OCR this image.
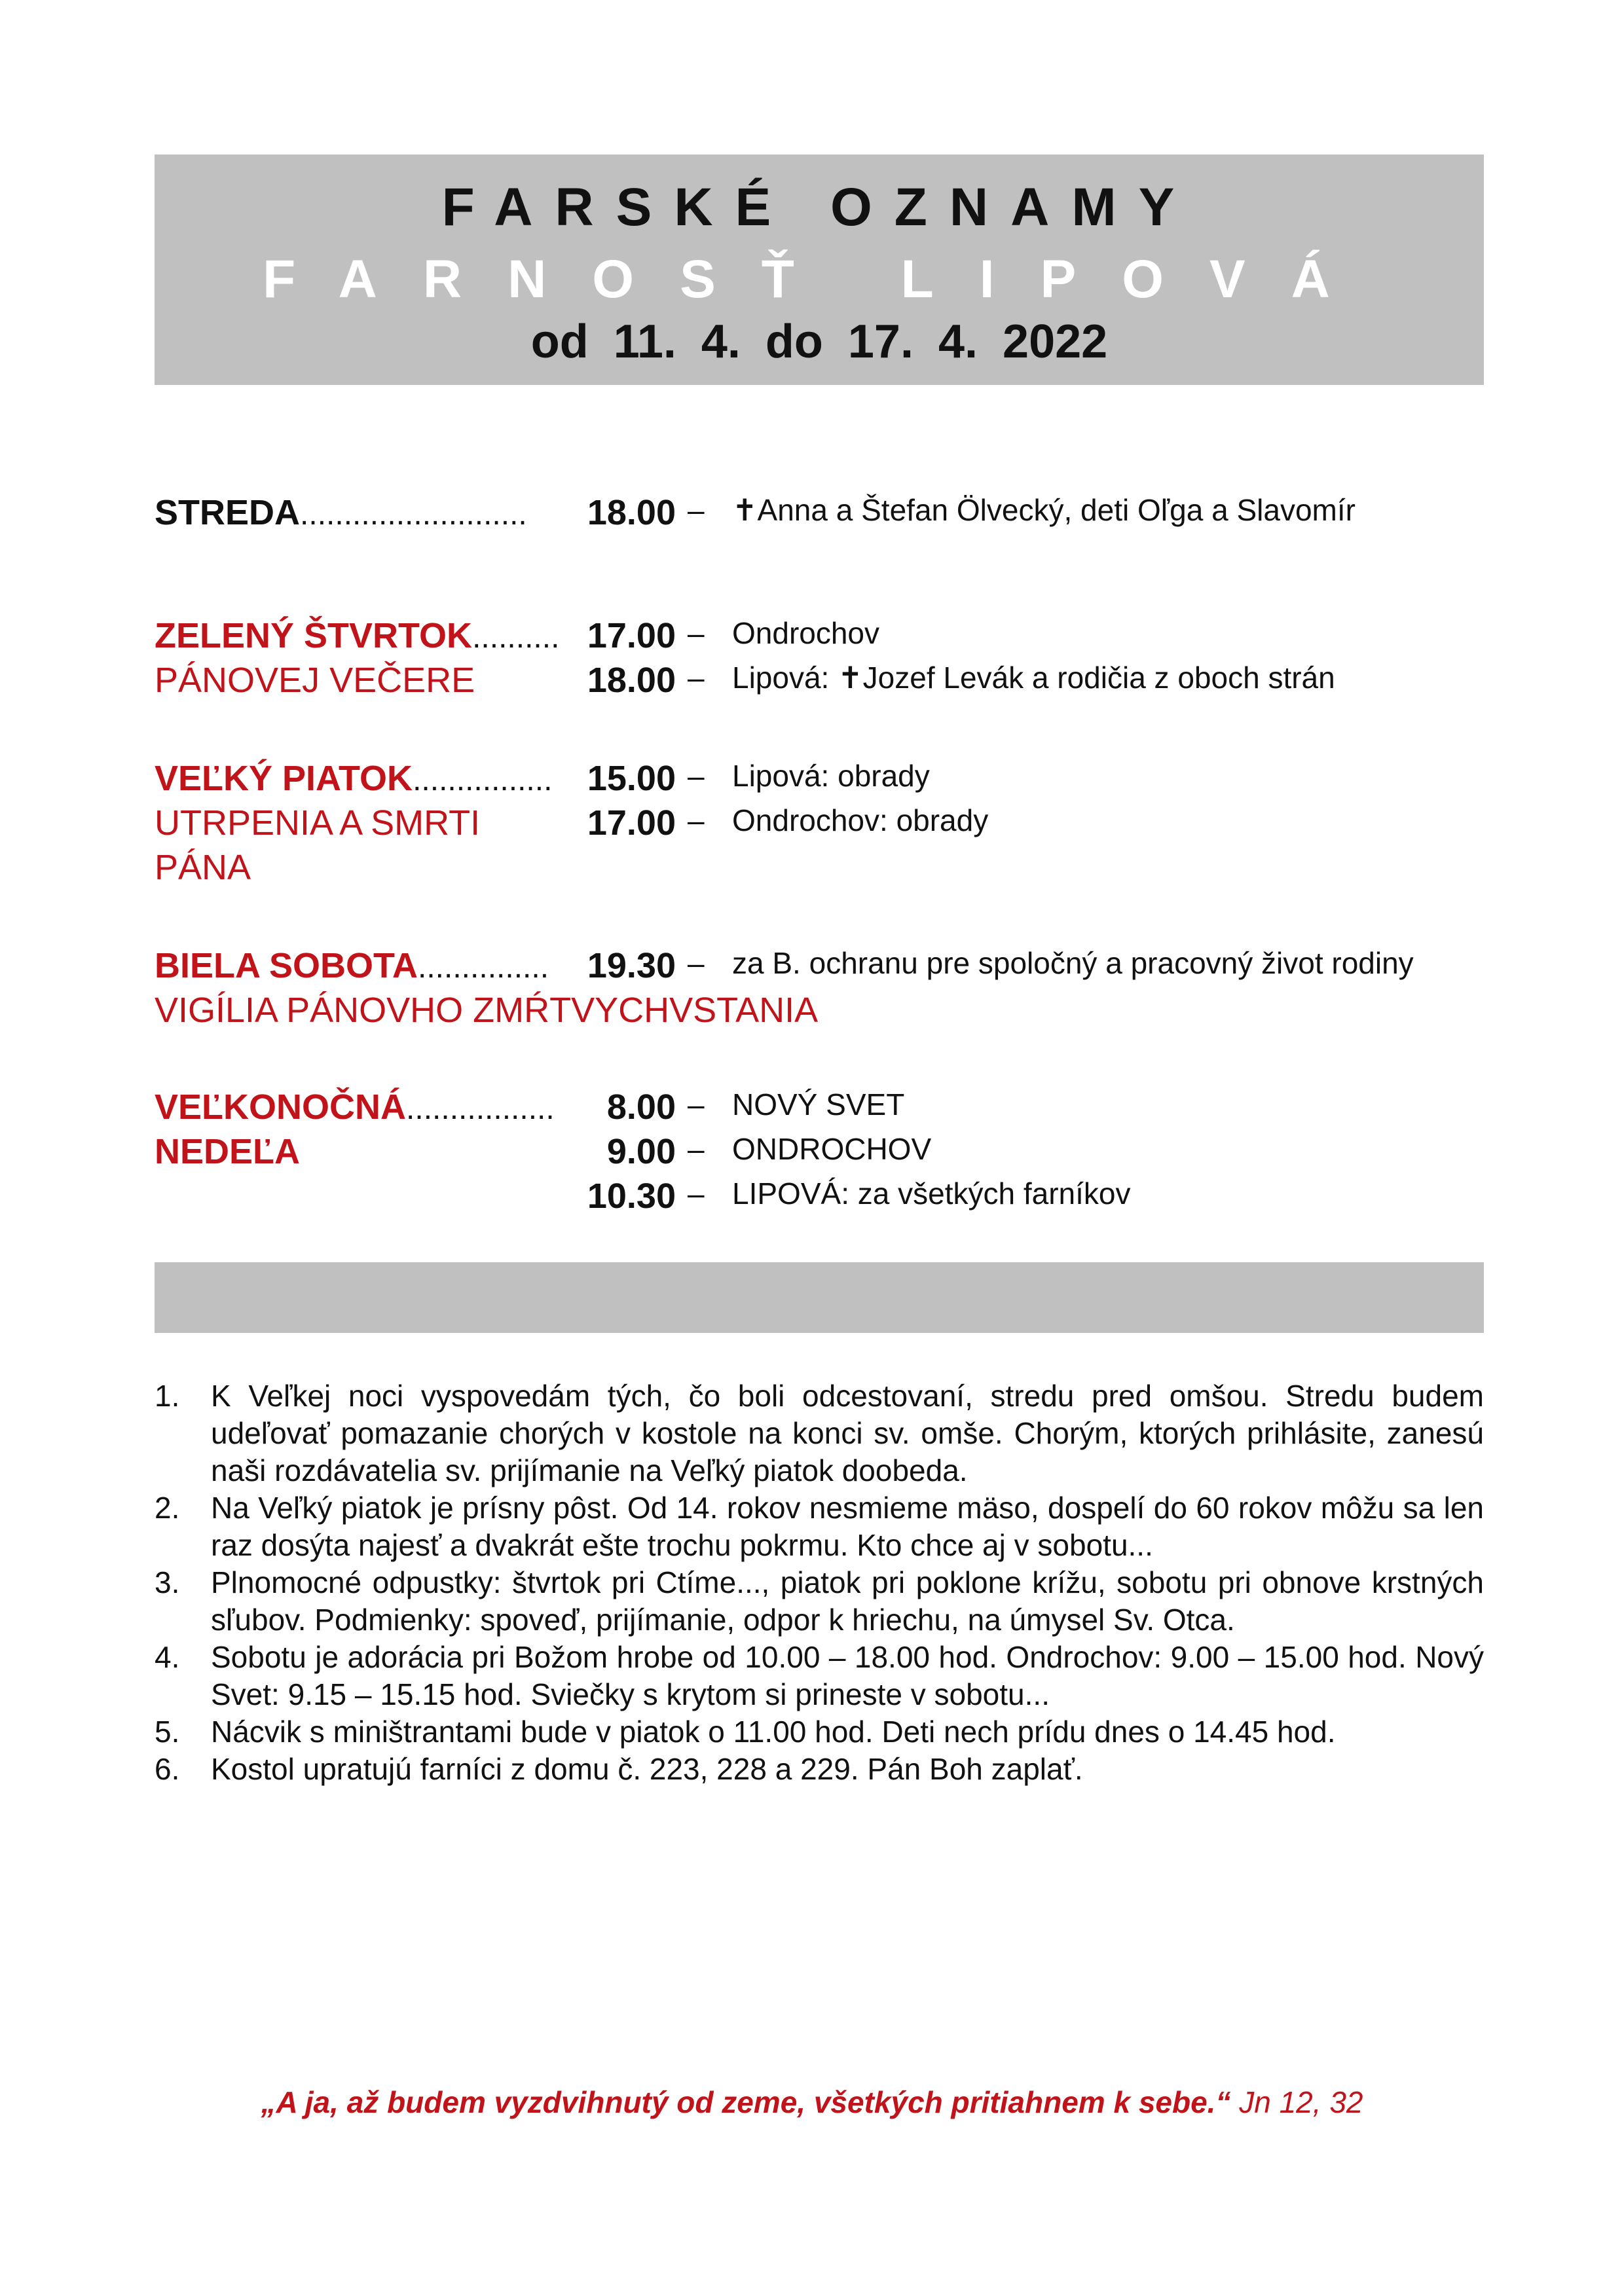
FARSKÉ OZNAMY
FARNOSŤ LIPOVÁ
od 11. 4. do 17. 4. 2022
STREDA..........................	18.00 – ✝Anna a Štefan Ölvecký, deti Oľga a Slavomír
ZELENÝ ŠTVRTOK.......... 17.00 – Ondrochov
PÁNOVEJ VEČERE	18.00 – Lipová: ✝Jozef Levák a rodičia z oboch strán
VEĽKÝ PIATOK................ 15.00 – Lipová: obrady
UTRPENIA A SMRTI	17.00 – Ondrochov: obrady
PÁNA
BIELA SOBOTA...............	19.30 – za B. ochranu pre spoločný a pracovný život rodiny
VIGÍLIA PÁNOVHO ZMŔTVYCHVSTANIA
VEĽKONOČNÁ.................	8.00 – NOVÝ SVET
NEDEĽA	9.00 – ONDROCHOV
10.30 – LIPOVÁ: za všetkých farníkov
1. K Veľkej noci vyspovedám tých, čo boli odcestovaní, stredu pred omšou. Stredu budem udeľovať pomazanie chorých v kostole na konci sv. omše. Chorým, ktorých prihlásite, zanesú naši rozdávatelia sv. prijímanie na Veľký piatok doobeda.
2. Na Veľký piatok je prísny pôst. Od 14. rokov nesmieme mäso, dospelí do 60 rokov môžu sa len raz dosýta najesť a dvakrát ešte trochu pokrmu. Kto chce aj v sobotu...
3. Plnomocné odpustky: štvrtok pri Ctíme..., piatok pri poklone krížu, sobotu pri obnove krstných sľubov. Podmienky: spoveď, prijímanie, odpor k hriechu, na úmysel Sv. Otca.
4. Sobotu je adorácia pri Božom hrobe od 10.00 – 18.00 hod. Ondrochov: 9.00 – 15.00 hod. Nový Svet: 9.15 – 15.15 hod. Sviečky s krytom si prineste v sobotu...
5. Nácvik s miništrantami bude v piatok o 11.00 hod. Deti nech prídu dnes o 14.45 hod.
6. Kostol upratujú farníci z domu č. 223, 228 a 229. Pán Boh zaplať.
„A ja, až budem vyzdvihnutý od zeme, všetkých pritiahnem k sebe.“ Jn 12, 32
